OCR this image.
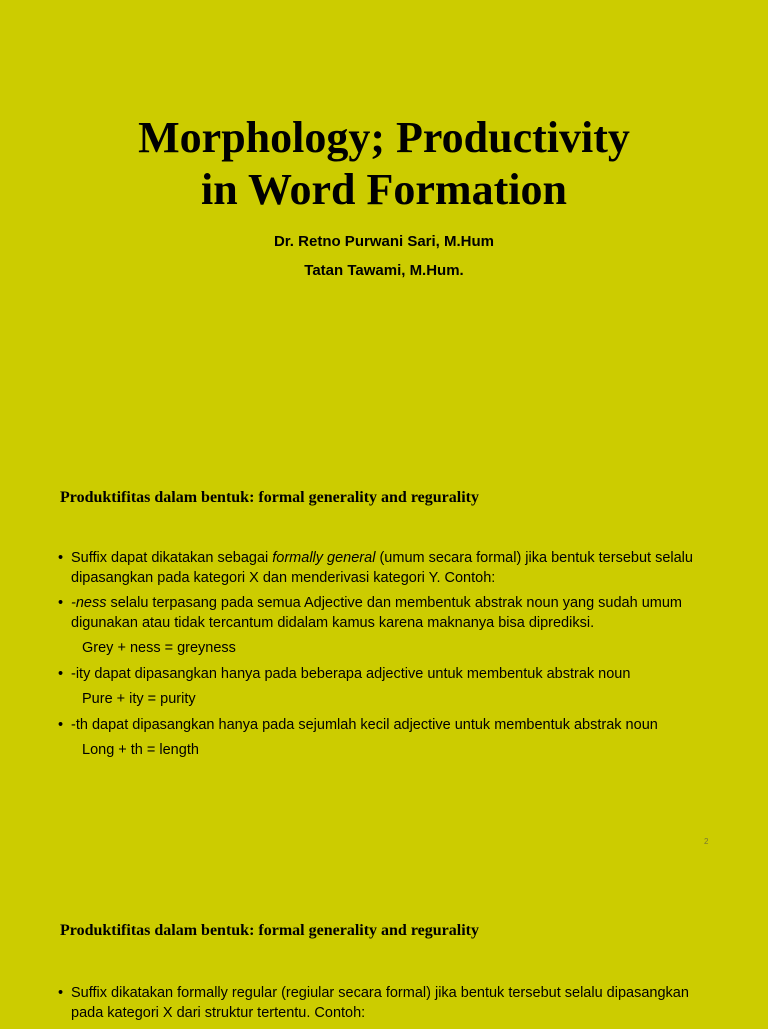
Morphology; Productivity
in Word Formation
Dr. Retno Purwani Sari, M.Hum
Tatan Tawami, M.Hum.
Produktifitas dalam bentuk: formal generality and regurality
• Suffix dapat dikatakan sebagai formally general (umum secara formal) jika bentuk tersebut selalu dipasangkan pada kategori X dan menderivasi kategori Y. Contoh:
• -ness selalu terpasang pada semua Adjective dan membentuk abstrak noun yang sudah umum digunakan atau tidak tercantum didalam kamus karena maknanya bisa diprediksi.
Grey + ness = greyness
• -ity dapat dipasangkan hanya pada beberapa adjective untuk membentuk abstrak noun
Pure + ity = purity
• -th dapat dipasangkan hanya pada sejumlah kecil adjective untuk membentuk abstrak noun
Long + th = length
2
Produktifitas dalam bentuk: formal generality and regurality
• Suffix dikatakan formally regular (regiular secara formal) jika bentuk tersebut selalu dipasangkan pada kategori X dari struktur tertentu. Contoh:
